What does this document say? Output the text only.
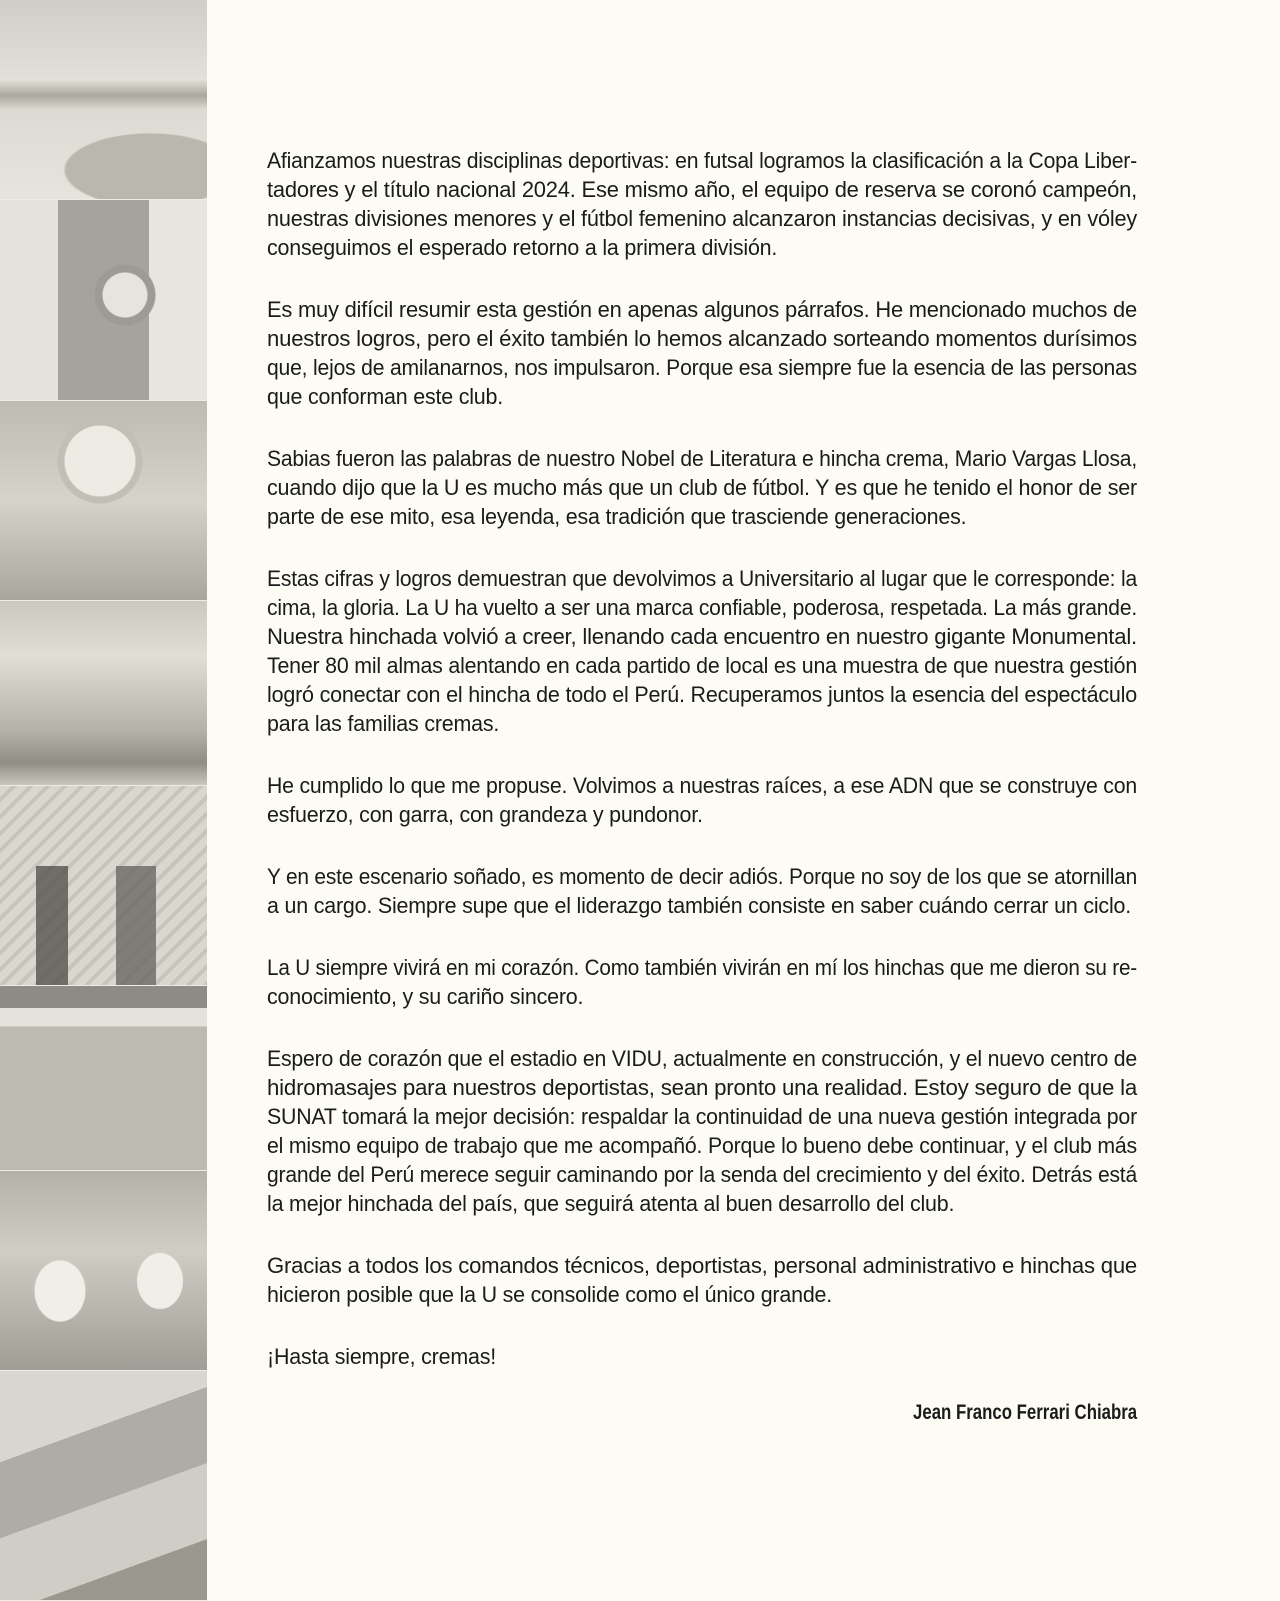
Afianzamos nuestras disciplinas deportivas: en futsal logramos la clasificación a la Copa Liber-
tadores y el título nacional 2024. Ese mismo año, el equipo de reserva se coronó campeón,
nuestras divisiones menores y el fútbol femenino alcanzaron instancias decisivas, y en vóley
conseguimos el esperado retorno a la primera división.

Es muy difícil resumir esta gestión en apenas algunos párrafos. He mencionado muchos de
nuestros logros, pero el éxito también lo hemos alcanzado sorteando momentos durísimos
que, lejos de amilanarnos, nos impulsaron. Porque esa siempre fue la esencia de las personas
que conforman este club.

Sabias fueron las palabras de nuestro Nobel de Literatura e hincha crema, Mario Vargas Llosa,
cuando dijo que la U es mucho más que un club de fútbol. Y es que he tenido el honor de ser
parte de ese mito, esa leyenda, esa tradición que trasciende generaciones.

Estas cifras y logros demuestran que devolvimos a Universitario al lugar que le corresponde: la
cima, la gloria. La U ha vuelto a ser una marca confiable, poderosa, respetada. La más grande.
Nuestra hinchada volvió a creer, llenando cada encuentro en nuestro gigante Monumental.
Tener 80 mil almas alentando en cada partido de local es una muestra de que nuestra gestión
logró conectar con el hincha de todo el Perú. Recuperamos juntos la esencia del espectáculo
para las familias cremas.

He cumplido lo que me propuse. Volvimos a nuestras raíces, a ese ADN que se construye con
esfuerzo, con garra, con grandeza y pundonor.

Y en este escenario soñado, es momento de decir adiós. Porque no soy de los que se atornillan
a un cargo. Siempre supe que el liderazgo también consiste en saber cuándo cerrar un ciclo.

La U siempre vivirá en mi corazón. Como también vivirán en mí los hinchas que me dieron su re-
conocimiento, y su cariño sincero.

Espero de corazón que el estadio en VIDU, actualmente en construcción, y el nuevo centro de
hidromasajes para nuestros deportistas, sean pronto una realidad. Estoy seguro de que la
SUNAT tomará la mejor decisión: respaldar la continuidad de una nueva gestión integrada por
el mismo equipo de trabajo que me acompañó. Porque lo bueno debe continuar, y el club más
grande del Perú merece seguir caminando por la senda del crecimiento y del éxito. Detrás está
la mejor hinchada del país, que seguirá atenta al buen desarrollo del club.

Gracias a todos los comandos técnicos, deportistas, personal administrativo e hinchas que
hicieron posible que la U se consolide como el único grande.

¡Hasta siempre, cremas!

Jean Franco Ferrari Chiabra
